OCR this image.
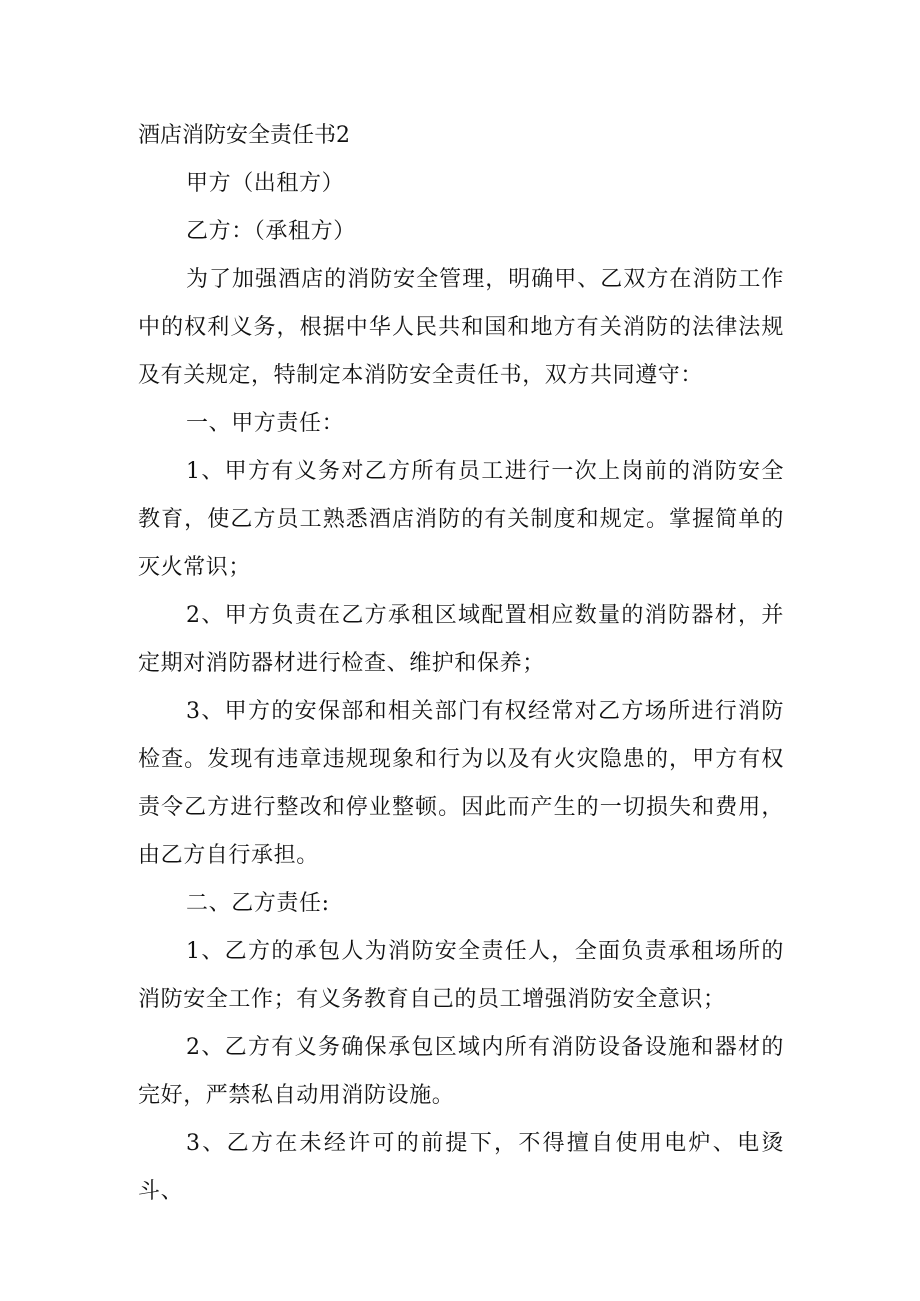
酒店消防安全责任书2

甲方（出租方）

乙方：（承租方）

为了加强酒店的消防安全管理，明确甲、乙双方在消防工作中的权利义务，根据中华人民共和国和地方有关消防的法律法规及有关规定，特制定本消防安全责任书，双方共同遵守：

一、甲方责任：

1、甲方有义务对乙方所有员工进行一次上岗前的消防安全教育，使乙方员工熟悉酒店消防的有关制度和规定。掌握简单的灭火常识；

2、甲方负责在乙方承租区域配置相应数量的消防器材，并定期对消防器材进行检查、维护和保养；

3、甲方的安保部和相关部门有权经常对乙方场所进行消防检查。发现有违章违规现象和行为以及有火灾隐患的，甲方有权责令乙方进行整改和停业整顿。因此而产生的一切损失和费用，由乙方自行承担。

二、乙方责任:

1、乙方的承包人为消防安全责任人，全面负责承租场所的消防安全工作；有义务教育自己的员工增强消防安全意识；

2、乙方有义务确保承包区域内所有消防设备设施和器材的完好，严禁私自动用消防设施。

3、乙方在未经许可的前提下，不得擅自使用电炉、电烫斗、
